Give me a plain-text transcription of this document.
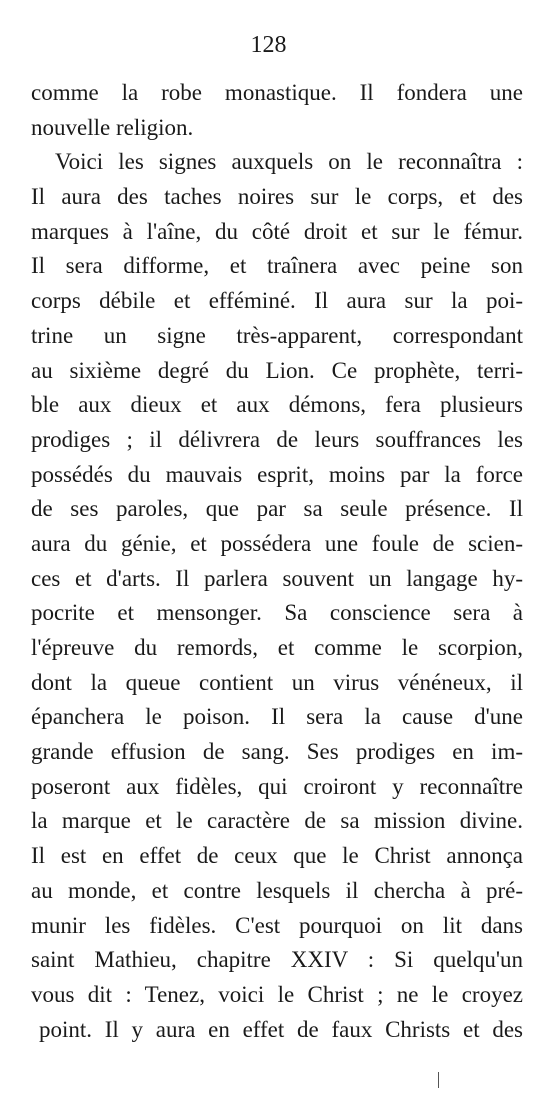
128
comme la robe monastique. Il fondera une
nouvelle religion.
Voici les signes auxquels on le reconnaîtra :
Il aura des taches noires sur le corps, et des
marques à l'aîne, du côté droit et sur le fémur.
Il sera difforme, et traînera avec peine son
corps débile et efféminé. Il aura sur la poi-
trine un signe très-apparent, correspondant
au sixième degré du Lion. Ce prophète, terri-
ble aux dieux et aux démons, fera plusieurs
prodiges ; il délivrera de leurs souffrances les
possédés du mauvais esprit, moins par la force
de ses paroles, que par sa seule présence. Il
aura du génie, et possédera une foule de scien-
ces et d'arts. Il parlera souvent un langage hy-
pocrite et mensonger. Sa conscience sera à
l'épreuve du remords, et comme le scorpion,
dont la queue contient un virus vénéneux, il
épanchera le poison. Il sera la cause d'une
grande effusion de sang. Ses prodiges en im-
poseront aux fidèles, qui croiront y reconnaître
la marque et le caractère de sa mission divine.
Il est en effet de ceux que le Christ annonça
au monde, et contre lesquels il chercha à pré-
munir les fidèles. C'est pourquoi on lit dans
saint Mathieu, chapitre XXIV : Si quelqu'un
vous dit : Tenez, voici le Christ ; ne le croyez
point. Il y aura en effet de faux Christs et des
